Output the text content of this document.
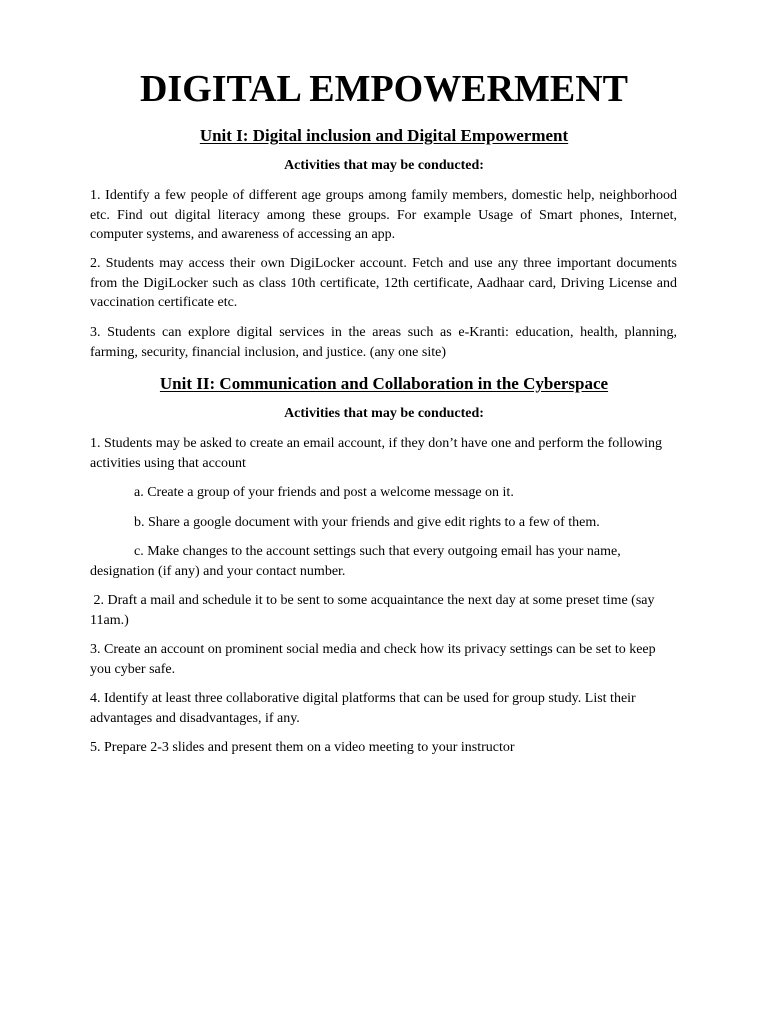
DIGITAL EMPOWERMENT
Unit I: Digital inclusion and Digital Empowerment

Activities that may be conducted:

1. Identify a few people of different age groups among family members, domestic help, neighborhood etc. Find out digital literacy among these groups. For example Usage of Smart phones, Internet, computer systems, and awareness of accessing an app.

2. Students may access their own DigiLocker account. Fetch and use any three important documents from the DigiLocker such as class 10th certificate, 12th certificate, Aadhaar card, Driving License and vaccination certificate etc.

3. Students can explore digital services in the areas such as e-Kranti: education, health, planning, farming, security, financial inclusion, and justice. (any one site)

Unit II: Communication and Collaboration in the Cyberspace

Activities that may be conducted:

1. Students may be asked to create an email account, if they don’t have one and perform the following activities using that account

a. Create a group of your friends and post a welcome message on it.

b. Share a google document with your friends and give edit rights to a few of them.

c. Make changes to the account settings such that every outgoing email has your name, designation (if any) and your contact number.

2. Draft a mail and schedule it to be sent to some acquaintance the next day at some preset time (say 11am.)

3. Create an account on prominent social media and check how its privacy settings can be set to keep you cyber safe.

4. Identify at least three collaborative digital platforms that can be used for group study. List their advantages and disadvantages, if any.

5. Prepare 2-3 slides and present them on a video meeting to your instructor
